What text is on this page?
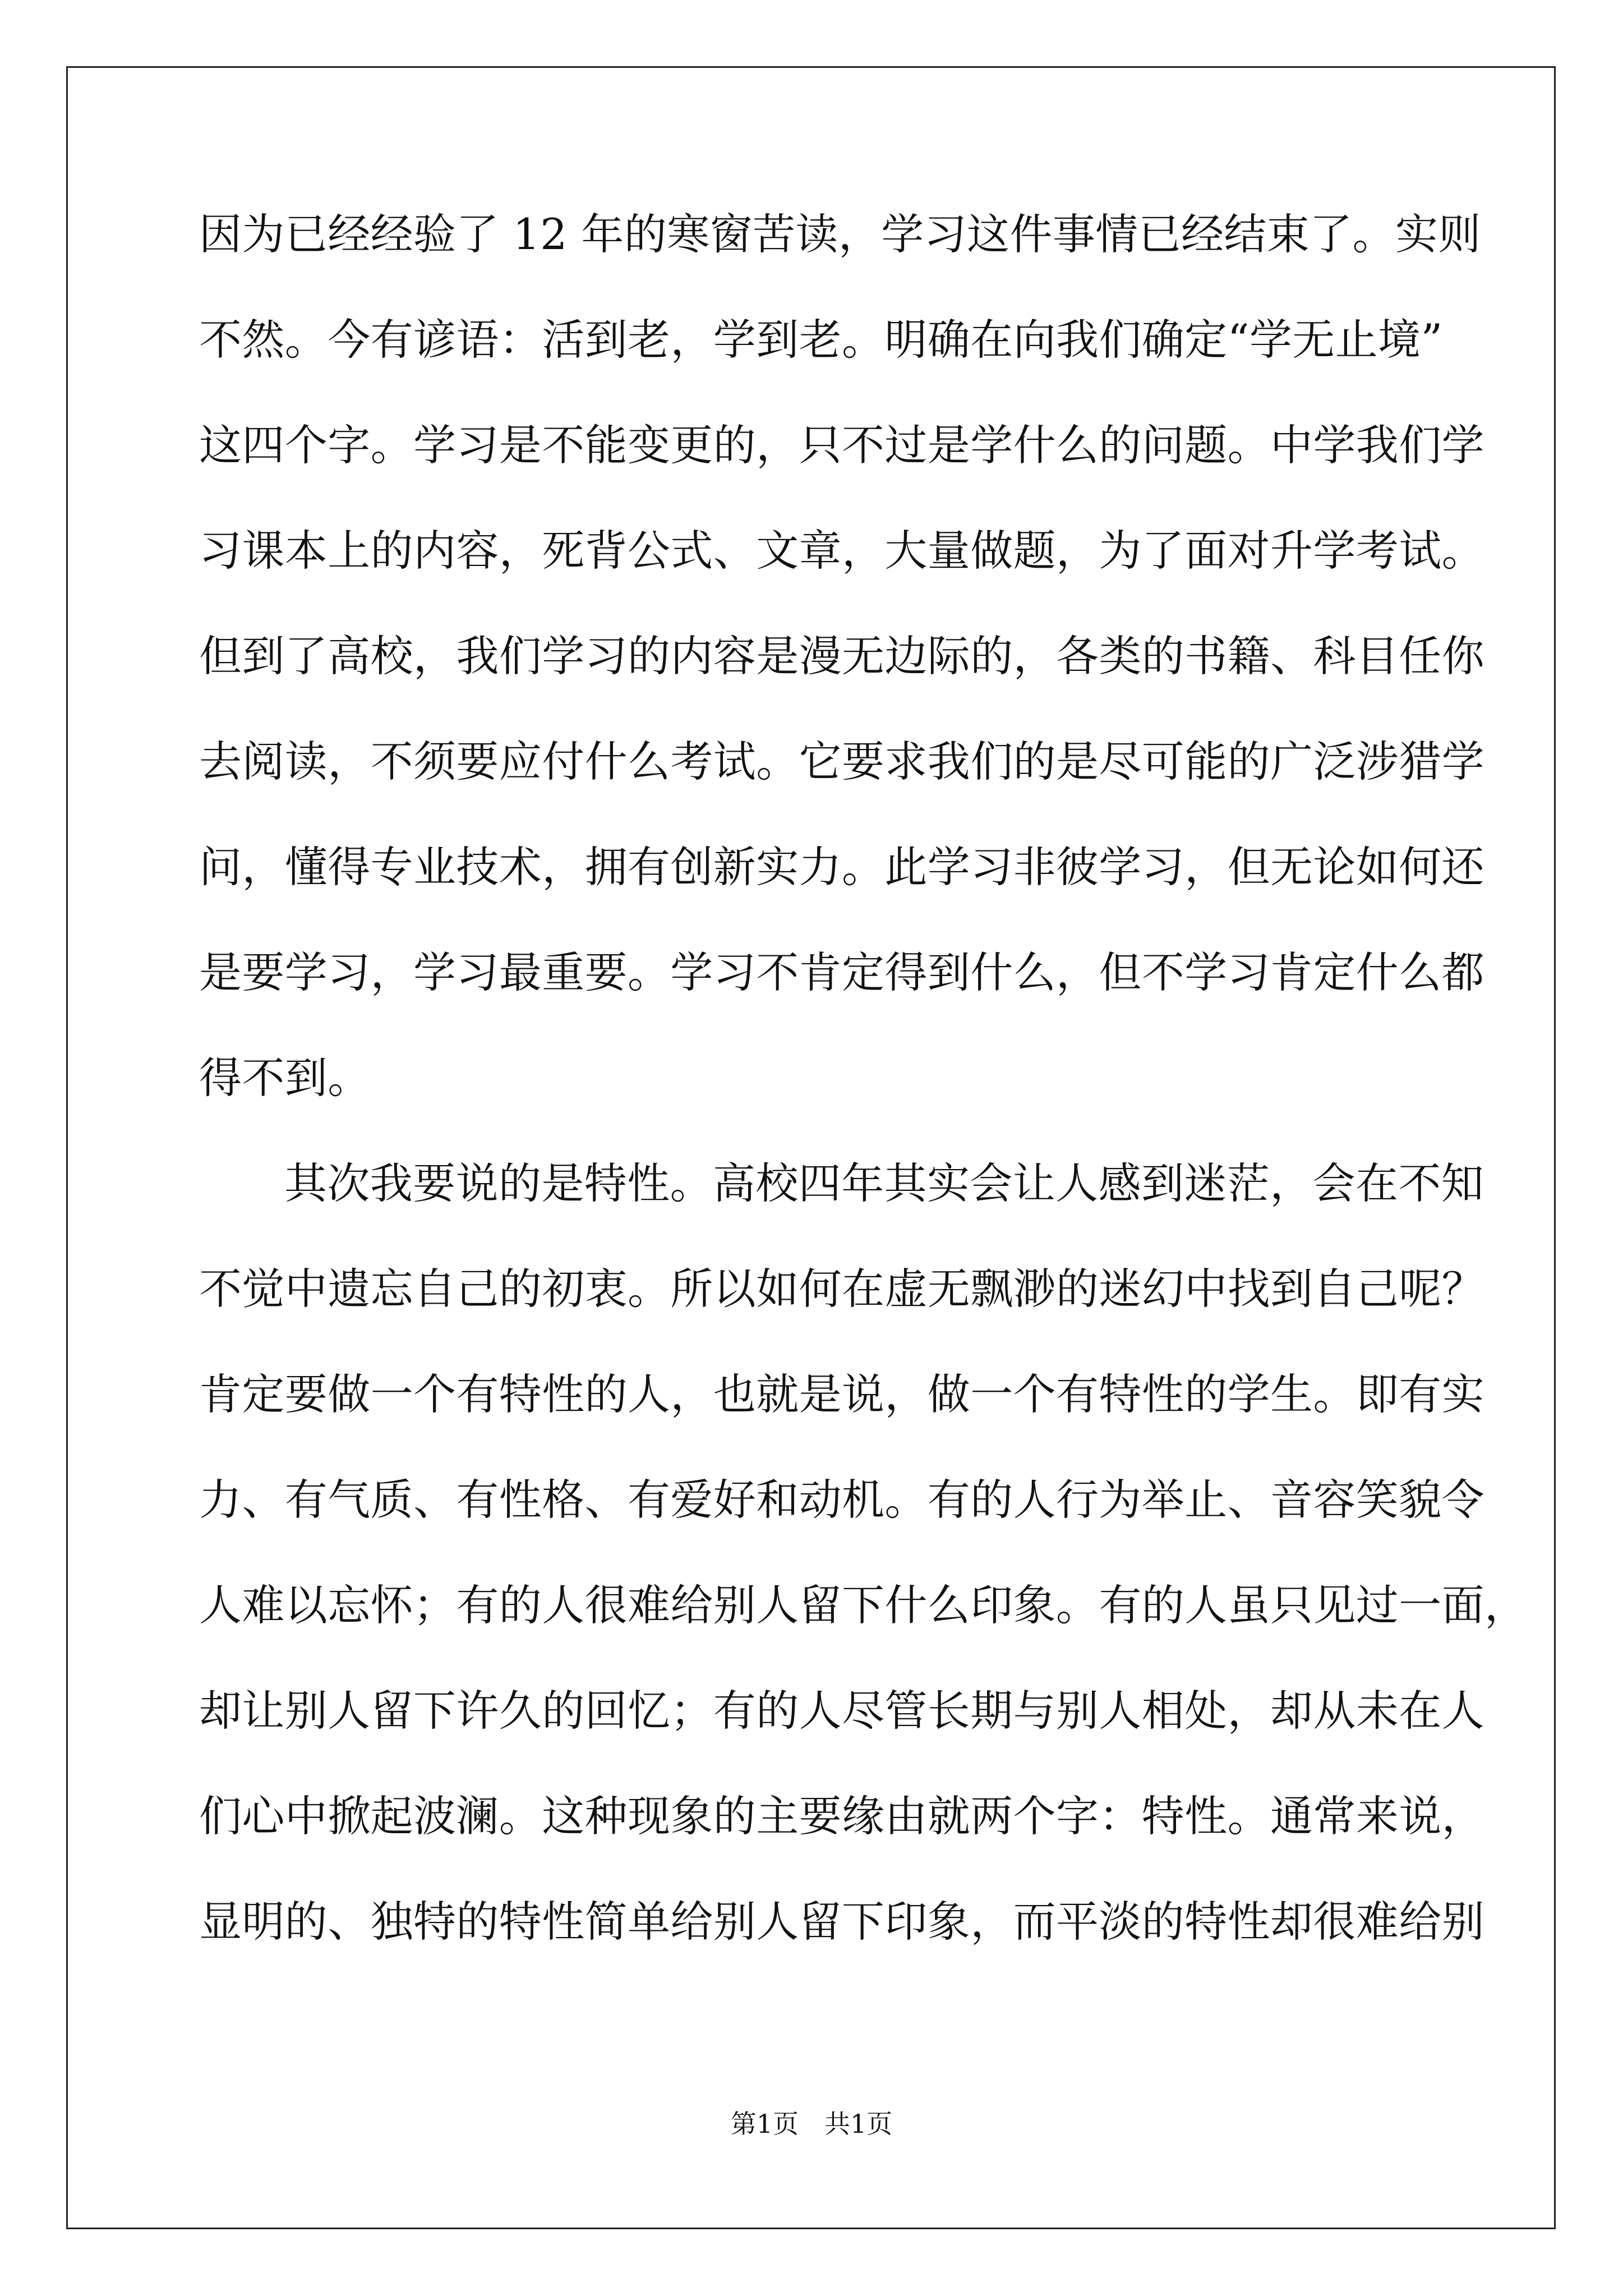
因为已经经验了 12 年的寒窗苦读，学习这件事情已经结束了。实则
不然。今有谚语：活到老，学到老。明确在向我们确定“学无止境”
这四个字。学习是不能变更的，只不过是学什么的问题。中学我们学
习课本上的内容，死背公式、文章，大量做题，为了面对升学考试。
但到了高校，我们学习的内容是漫无边际的，各类的书籍、科目任你
去阅读，不须要应付什么考试。它要求我们的是尽可能的广泛涉猎学
问，懂得专业技术，拥有创新实力。此学习非彼学习，但无论如何还
是要学习，学习最重要。学习不肯定得到什么，但不学习肯定什么都
得不到。
其次我要说的是特性。高校四年其实会让人感到迷茫，会在不知
不觉中遗忘自己的初衷。所以如何在虚无飘渺的迷幻中找到自己呢？
肯定要做一个有特性的人，也就是说，做一个有特性的学生。即有实
力、有气质、有性格、有爱好和动机。有的人行为举止、音容笑貌令
人难以忘怀；有的人很难给别人留下什么印象。有的人虽只见过一面，
却让别人留下许久的回忆；有的人尽管长期与别人相处，却从未在人
们心中掀起波澜。这种现象的主要缘由就两个字：特性。通常来说，
显明的、独特的特性简单给别人留下印象，而平淡的特性却很难给别
第1页　共1页
